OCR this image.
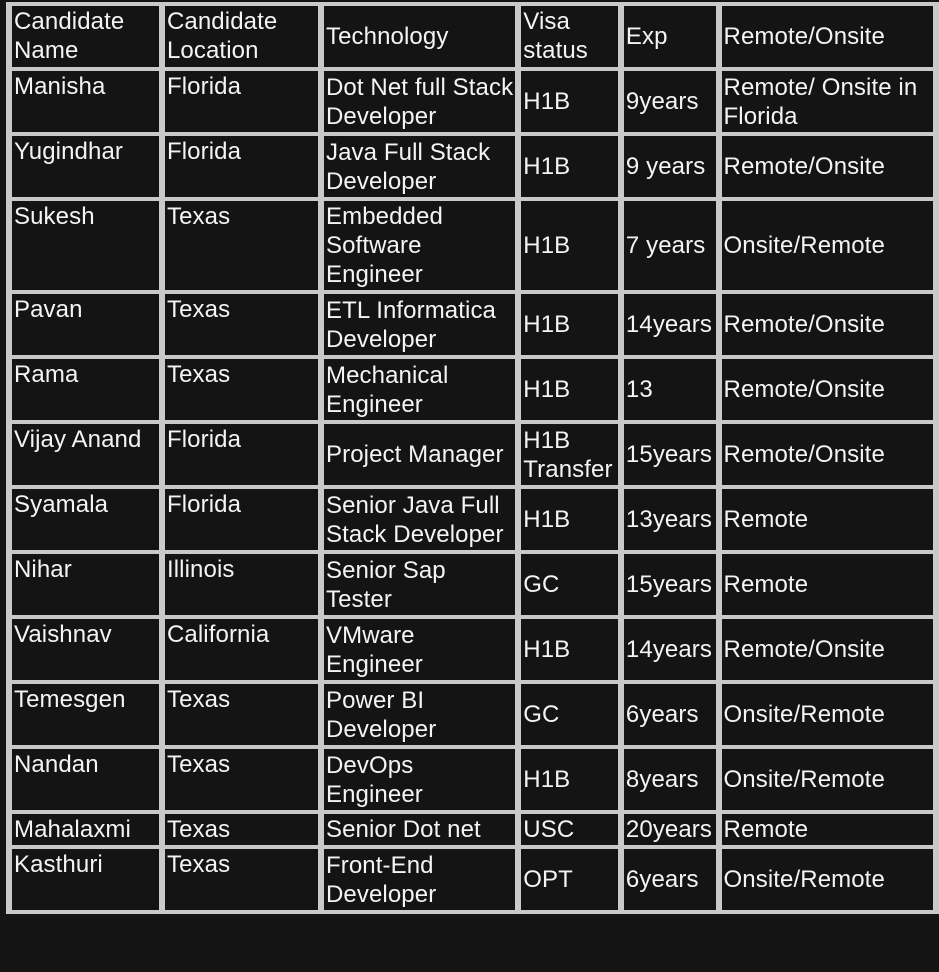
Candidate Name	Candidate Location	Technology	Visa status	Exp	Remote/Onsite
Manisha	Florida	Dot Net full Stack Developer	H1B	9years	Remote/ Onsite in Florida
Yugindhar	Florida	Java Full Stack Developer	H1B	9 years	Remote/Onsite
Sukesh	Texas	Embedded Software Engineer	H1B	7 years	Onsite/Remote
Pavan	Texas	ETL Informatica Developer	H1B	14years	Remote/Onsite
Rama	Texas	Mechanical Engineer	H1B	13	Remote/Onsite
Vijay Anand	Florida	Project Manager	H1B Transfer	15years	Remote/Onsite
Syamala	Florida	Senior Java Full Stack Developer	H1B	13years	Remote
Nihar	Illinois	Senior Sap Tester	GC	15years	Remote
Vaishnav	California	VMware Engineer	H1B	14years	Remote/Onsite
Temesgen	Texas	Power BI Developer	GC	6years	Onsite/Remote
Nandan	Texas	DevOps Engineer	H1B	8years	Onsite/Remote
Mahalaxmi	Texas	Senior Dot net	USC	20years	Remote
Kasthuri	Texas	Front-End Developer	OPT	6years	Onsite/Remote
